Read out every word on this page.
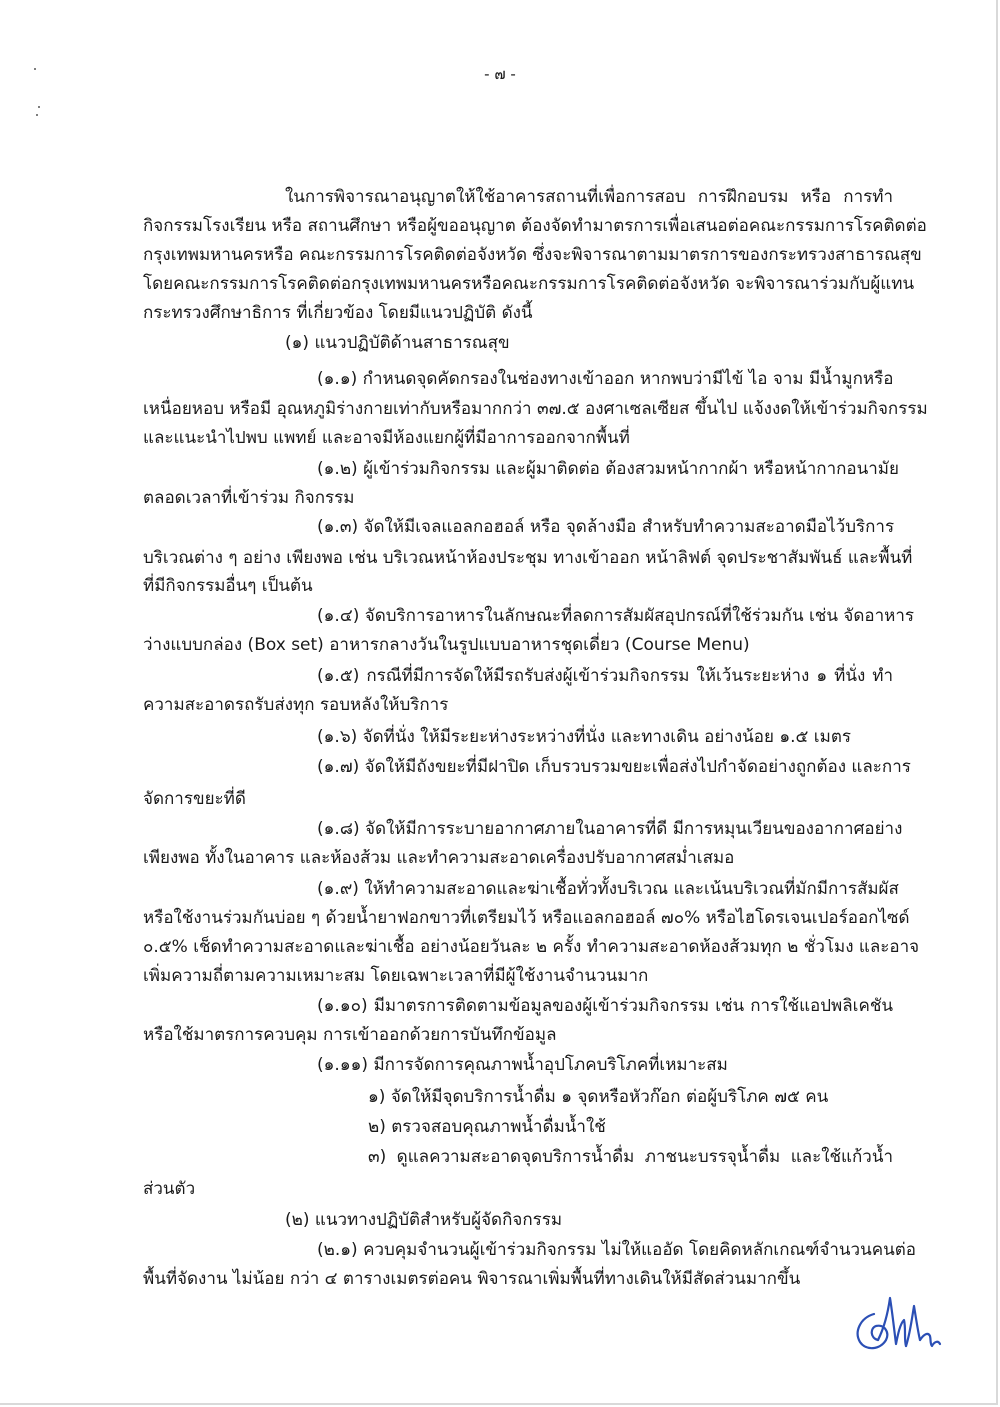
- ๗ -
ในการพิจารณาอนุญาตให้ใช้อาคารสถานที่เพื่อการสอบ การฝึกอบรม หรือ การทำ
กิจกรรมโรงเรียน หรือ สถานศึกษา หรือผู้ขออนุญาต ต้องจัดทำมาตรการเพื่อเสนอต่อคณะกรรมการโรคติดต่อ
กรุงเทพมหานครหรือ คณะกรรมการโรคติดต่อจังหวัด ซึ่งจะพิจารณาตามมาตรการของกระทรวงสาธารณสุข
โดยคณะกรรมการโรคติดต่อกรุงเทพมหานครหรือคณะกรรมการโรคติดต่อจังหวัด จะพิจารณาร่วมกับผู้แทน
กระทรวงศึกษาธิการ ที่เกี่ยวข้อง โดยมีแนวปฏิบัติ ดังนี้
(๑) แนวปฏิบัติด้านสาธารณสุข
(๑.๑) กำหนดจุดคัดกรองในช่องทางเข้าออก หากพบว่ามีไข้ ไอ จาม มีน้ำมูกหรือ
เหนื่อยหอบ หรือมี อุณหภูมิร่างกายเท่ากับหรือมากกว่า ๓๗.๕ องศาเซลเซียส ขึ้นไป แจ้งงดให้เข้าร่วมกิจกรรม
และแนะนำไปพบ แพทย์ และอาจมีห้องแยกผู้ที่มีอาการออกจากพื้นที่
(๑.๒) ผู้เข้าร่วมกิจกรรม และผู้มาติดต่อ ต้องสวมหน้ากากผ้า หรือหน้ากากอนามัย
ตลอดเวลาที่เข้าร่วม กิจกรรม
(๑.๓) จัดให้มีเจลแอลกอฮอล์ หรือ จุดล้างมือ สำหรับทำความสะอาดมือไว้บริการ
บริเวณต่าง ๆ อย่าง เพียงพอ เช่น บริเวณหน้าห้องประชุม ทางเข้าออก หน้าลิฟต์ จุดประชาสัมพันธ์ และพื้นที่
ที่มีกิจกรรมอื่นๆ เป็นต้น
(๑.๔) จัดบริการอาหารในลักษณะที่ลดการสัมผัสอุปกรณ์ที่ใช้ร่วมกัน เช่น จัดอาหาร
ว่างแบบกล่อง (Box set) อาหารกลางวันในรูปแบบอาหารชุดเดี่ยว (Course Menu)
(๑.๕) กรณีที่มีการจัดให้มีรถรับส่งผู้เข้าร่วมกิจกรรม ให้เว้นระยะห่าง ๑ ที่นั่ง ทำ
ความสะอาดรถรับส่งทุก รอบหลังให้บริการ
(๑.๖) จัดที่นั่ง ให้มีระยะห่างระหว่างที่นั่ง และทางเดิน อย่างน้อย ๑.๕ เมตร
(๑.๗) จัดให้มีถังขยะที่มีฝาปิด เก็บรวบรวมขยะเพื่อส่งไปกำจัดอย่างถูกต้อง และการ
จัดการขยะที่ดี
(๑.๘) จัดให้มีการระบายอากาศภายในอาคารที่ดี มีการหมุนเวียนของอากาศอย่าง
เพียงพอ ทั้งในอาคาร และห้องส้วม และทำความสะอาดเครื่องปรับอากาศสม่ำเสมอ
(๑.๙) ให้ทำความสะอาดและฆ่าเชื้อทั่วทั้งบริเวณ และเน้นบริเวณที่มักมีการสัมผัส
หรือใช้งานร่วมกันบ่อย ๆ ด้วยน้ำยาฟอกขาวที่เตรียมไว้ หรือแอลกอฮอล์ ๗๐% หรือไฮโดรเจนเปอร์ออกไซด์
๐.๕% เช็ดทำความสะอาดและฆ่าเชื้อ อย่างน้อยวันละ ๒ ครั้ง ทำความสะอาดห้องส้วมทุก ๒ ชั่วโมง และอาจ
เพิ่มความถี่ตามความเหมาะสม โดยเฉพาะเวลาที่มีผู้ใช้งานจำนวนมาก
(๑.๑๐) มีมาตรการติดตามข้อมูลของผู้เข้าร่วมกิจกรรม เช่น การใช้แอปพลิเคชัน
หรือใช้มาตรการควบคุม การเข้าออกด้วยการบันทึกข้อมูล
(๑.๑๑) มีการจัดการคุณภาพน้ำอุปโภคบริโภคที่เหมาะสม
๑) จัดให้มีจุดบริการน้ำดื่ม ๑ จุดหรือหัวก๊อก ต่อผู้บริโภค ๗๕ คน
๒) ตรวจสอบคุณภาพน้ำดื่มน้ำใช้
๓) ดูแลความสะอาดจุดบริการน้ำดื่ม ภาชนะบรรจุน้ำดื่ม และใช้แก้วน้ำ
ส่วนตัว
(๒) แนวทางปฏิบัติสำหรับผู้จัดกิจกรรม
(๒.๑) ควบคุมจำนวนผู้เข้าร่วมกิจกรรม ไม่ให้แออัด โดยคิดหลักเกณฑ์จำนวนคนต่อ
พื้นที่จัดงาน ไม่น้อย กว่า ๔ ตารางเมตรต่อคน พิจารณาเพิ่มพื้นที่ทางเดินให้มีสัดส่วนมากขึ้น
